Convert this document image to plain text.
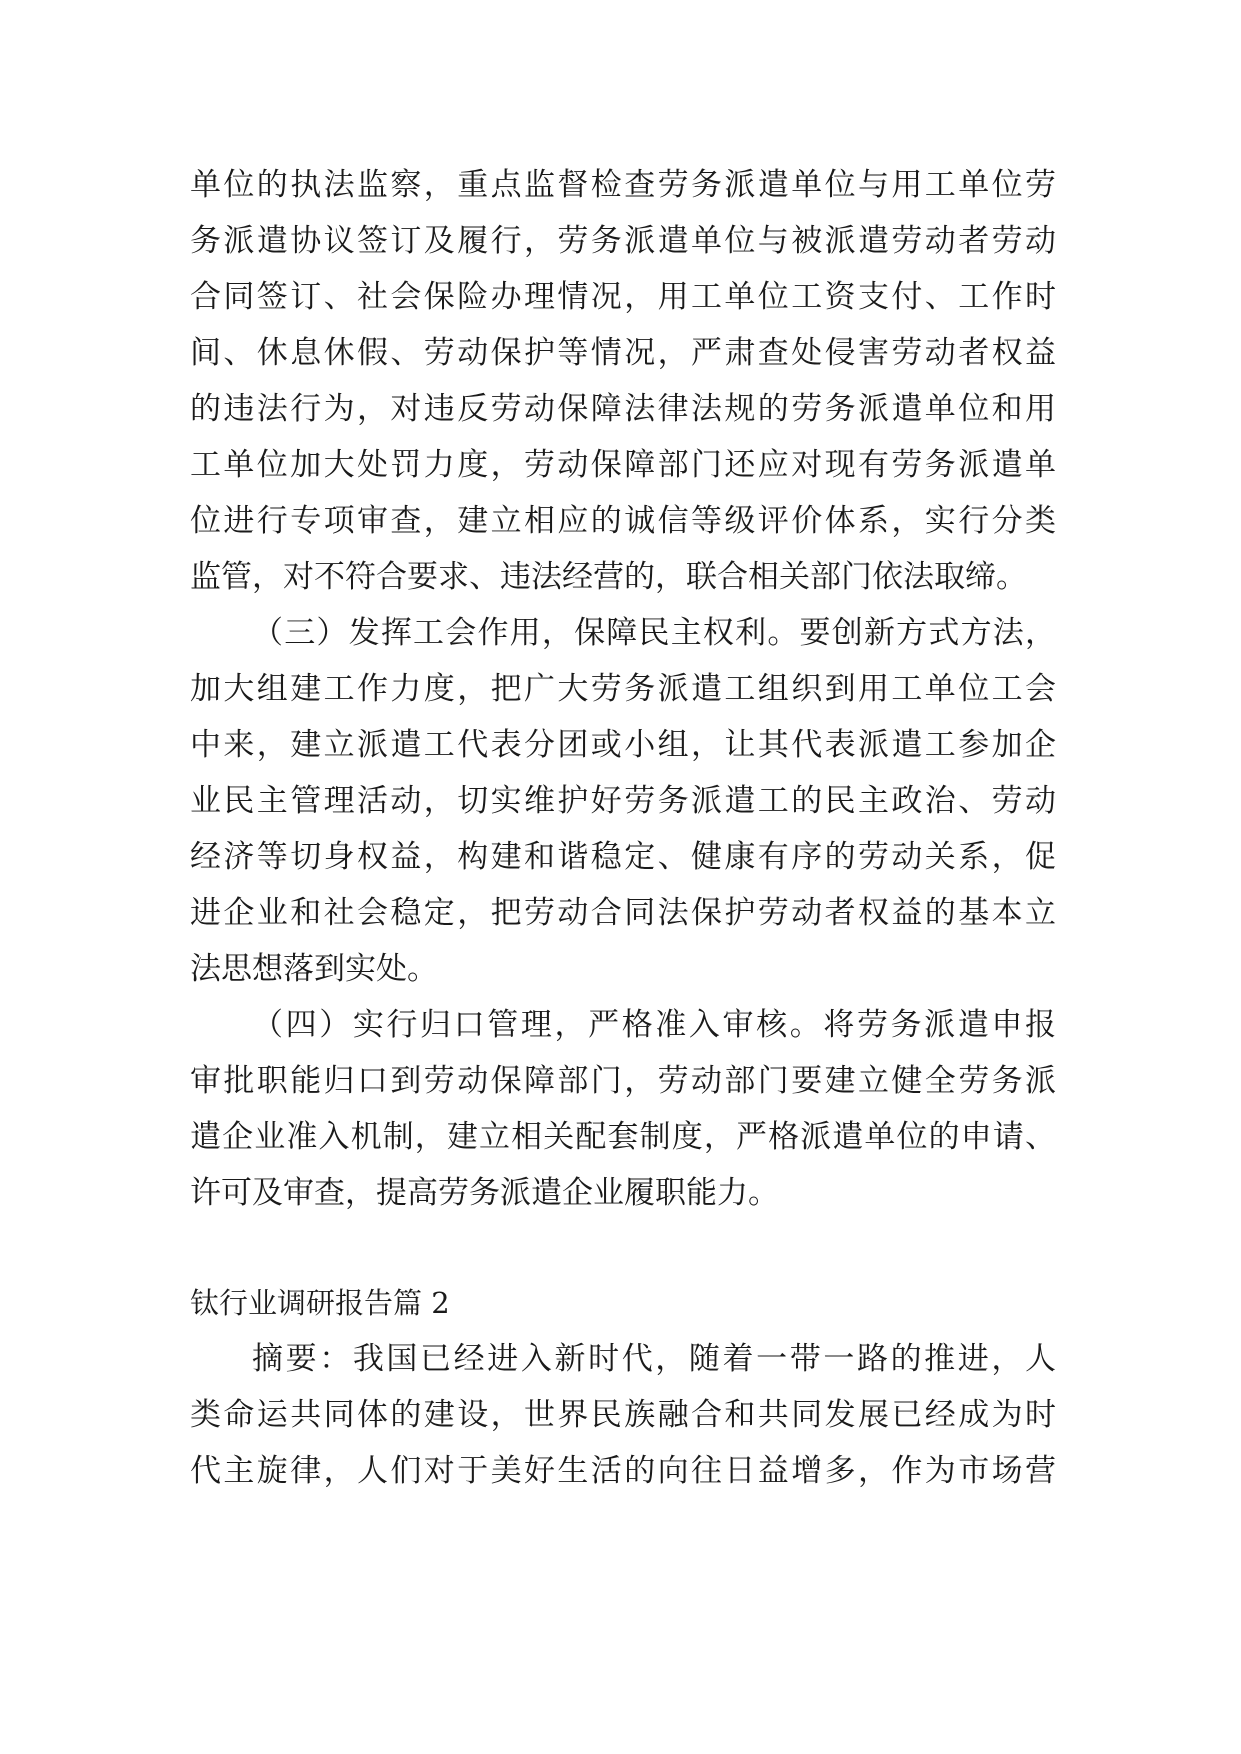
单位的执法监察，重点监督检查劳务派遣单位与用工单位劳
务派遣协议签订及履行，劳务派遣单位与被派遣劳动者劳动
合同签订、社会保险办理情况，用工单位工资支付、工作时
间、休息休假、劳动保护等情况，严肃查处侵害劳动者权益
的违法行为，对违反劳动保障法律法规的劳务派遣单位和用
工单位加大处罚力度，劳动保障部门还应对现有劳务派遣单
位进行专项审查，建立相应的诚信等级评价体系，实行分类
监管，对不符合要求、违法经营的，联合相关部门依法取缔。
（三）发挥工会作用，保障民主权利。要创新方式方法，
加大组建工作力度，把广大劳务派遣工组织到用工单位工会
中来，建立派遣工代表分团或小组，让其代表派遣工参加企
业民主管理活动，切实维护好劳务派遣工的民主政治、劳动
经济等切身权益，构建和谐稳定、健康有序的劳动关系，促
进企业和社会稳定，把劳动合同法保护劳动者权益的基本立
法思想落到实处。
（四）实行归口管理，严格准入审核。将劳务派遣申报
审批职能归口到劳动保障部门，劳动部门要建立健全劳务派
遣企业准入机制，建立相关配套制度，严格派遣单位的申请、
许可及审查，提高劳务派遣企业履职能力。
钛行业调研报告篇 2
摘要：我国已经进入新时代，随着一带一路的推进，人
类命运共同体的建设，世界民族融合和共同发展已经成为时
代主旋律，人们对于美好生活的向往日益增多，作为市场营
